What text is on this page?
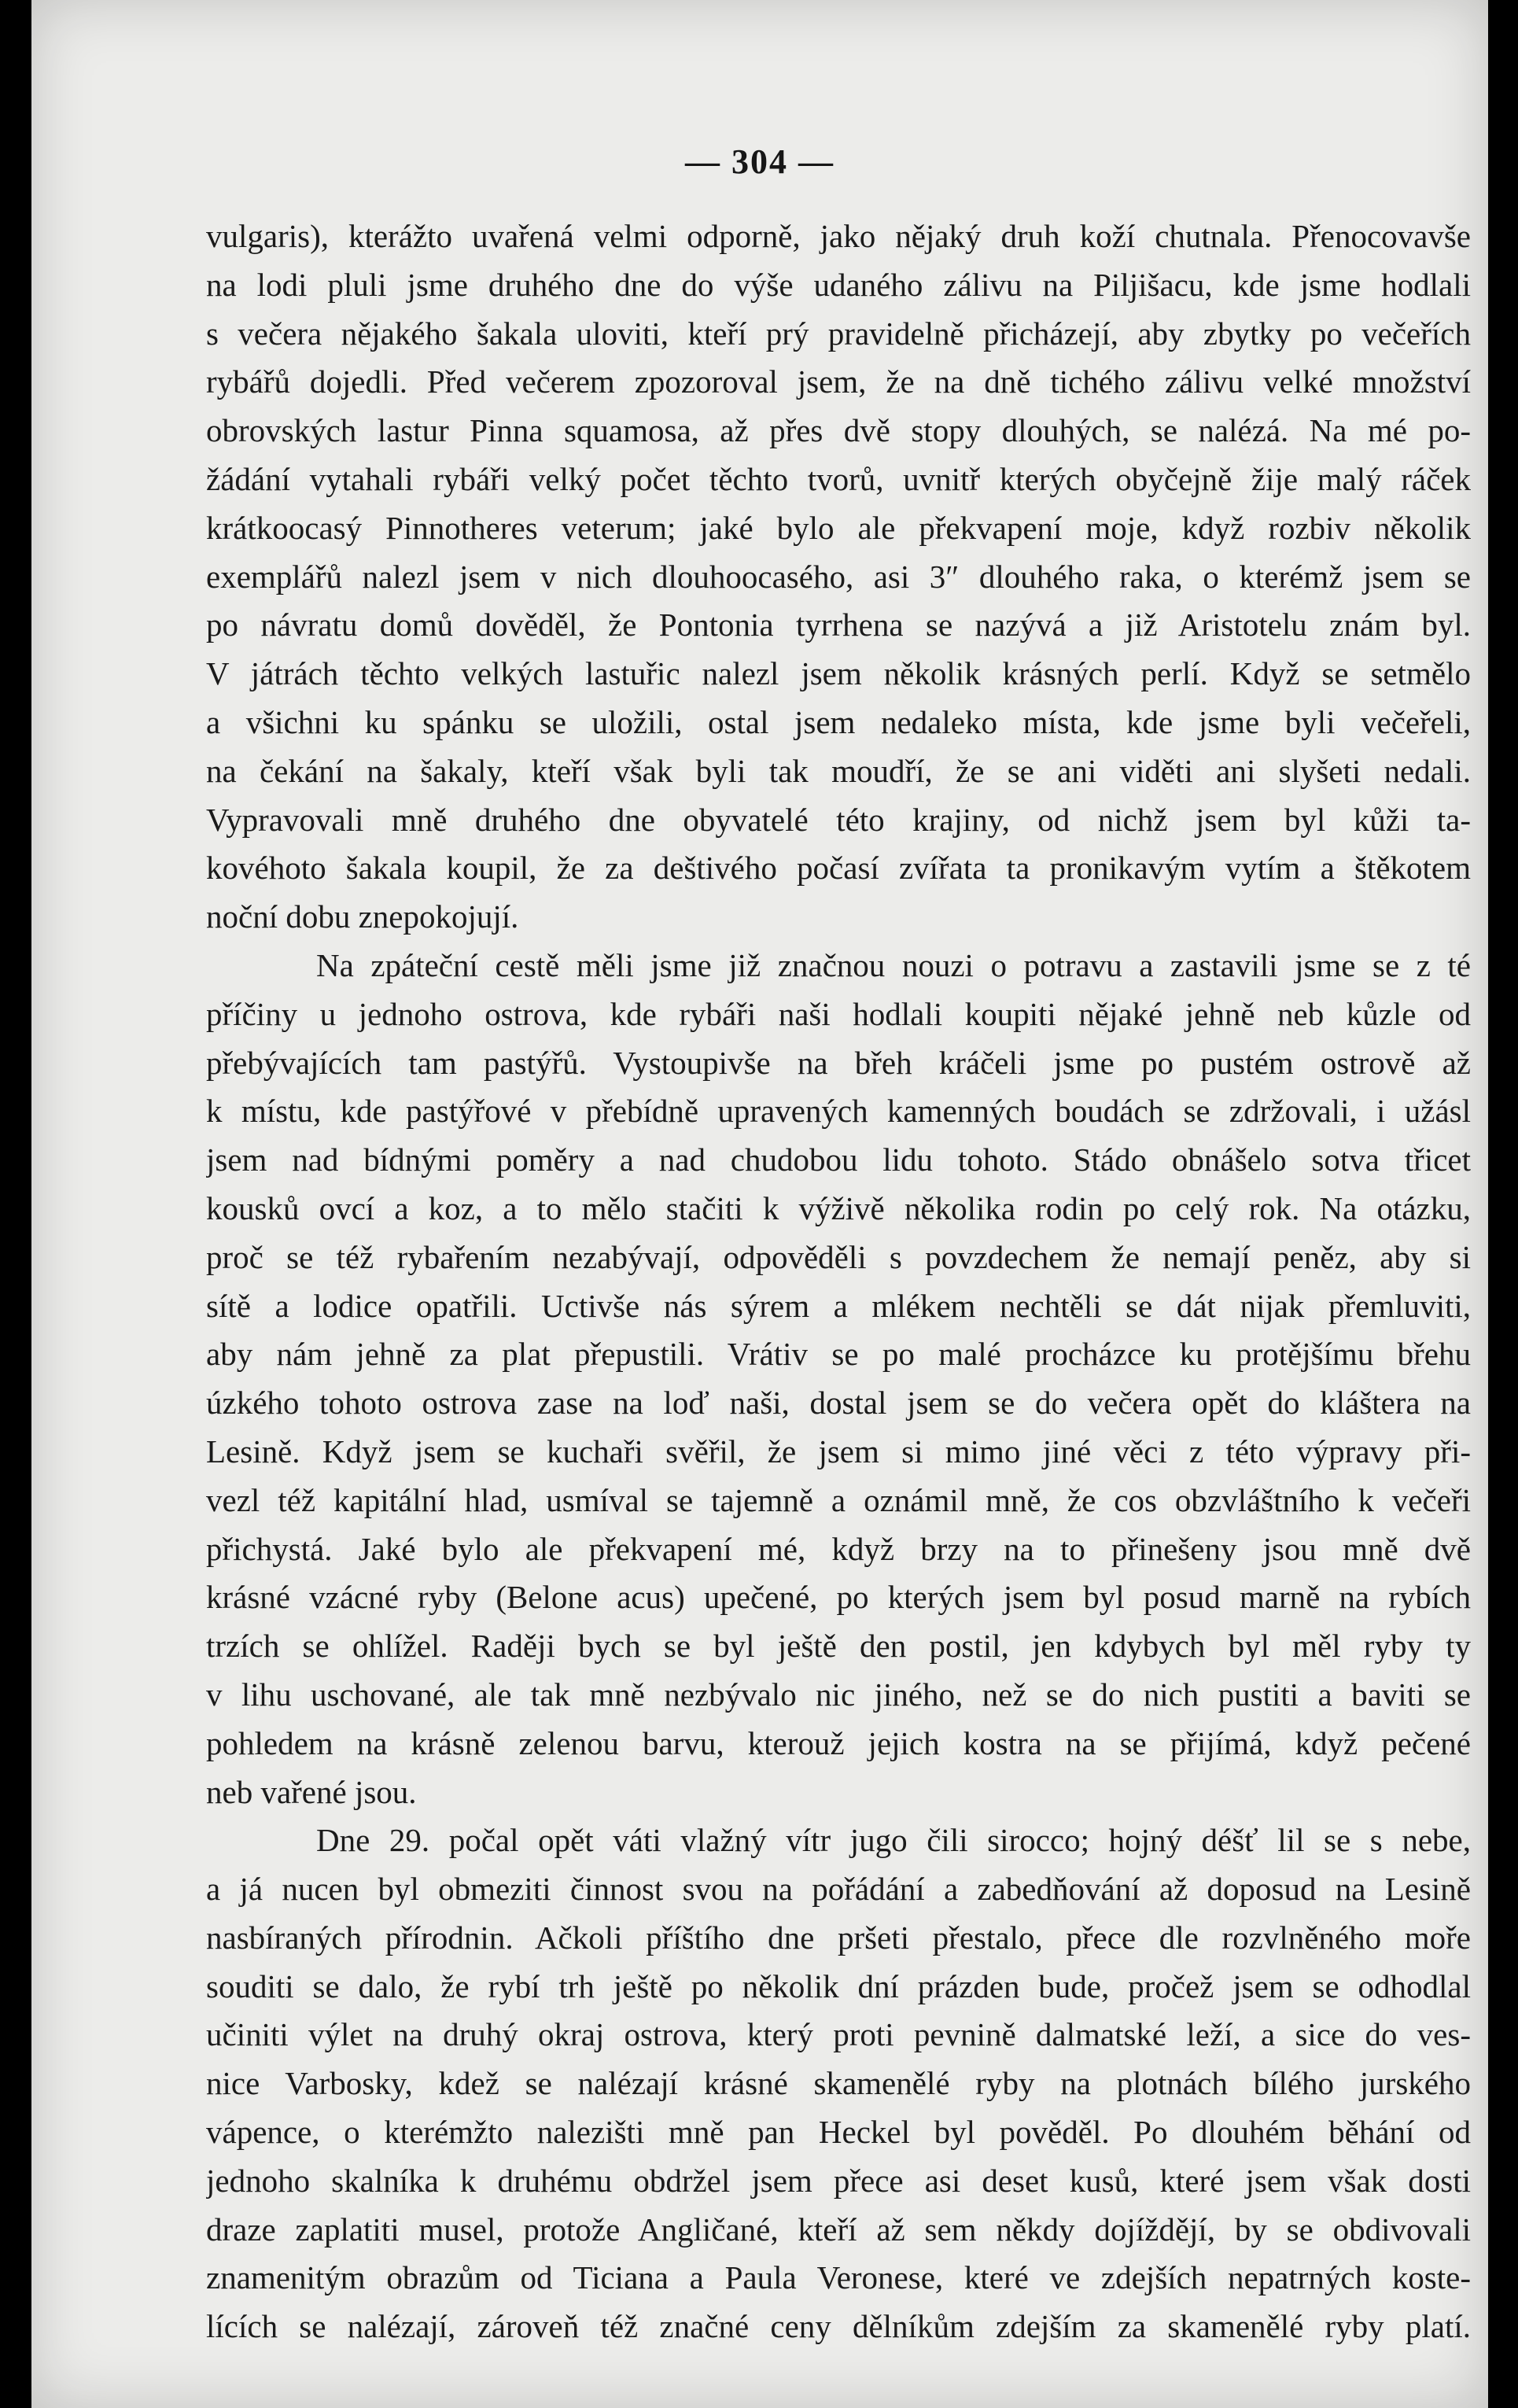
— 304 —

vulgaris), kterážto uvařená velmi odporně, jako nějaký druh koží chutnala. Přenocovavše
na lodi pluli jsme druhého dne do výše udaného zálivu na Piljišacu, kde jsme hodlali
s večera nějakého šakala uloviti, kteří prý pravidelně přicházejí, aby zbytky po večeřích
rybářů dojedli. Před večerem zpozoroval jsem, že na dně tichého zálivu velké množství
obrovských lastur Pinna squamosa, až přes dvě stopy dlouhých, se nalézá. Na mé po-
žádání vytahali rybáři velký počet těchto tvorů, uvnitř kterých obyčejně žije malý ráček
krátkoocasý Pinnotheres veterum; jaké bylo ale překvapení moje, když rozbiv několik
exemplářů nalezl jsem v nich dlouhoocasého, asi 3″ dlouhého raka, o kterémž jsem se
po návratu domů dověděl, že Pontonia tyrrhena se nazývá a již Aristotelu znám byl.
V játrách těchto velkých lastuřic nalezl jsem několik krásných perlí. Když se setmělo
a všichni ku spánku se uložili, ostal jsem nedaleko místa, kde jsme byli večeřeli,
na čekání na šakaly, kteří však byli tak moudří, že se ani viděti ani slyšeti nedali.
Vypravovali mně druhého dne obyvatelé této krajiny, od nichž jsem byl kůži ta-
kovéhoto šakala koupil, že za deštivého počasí zvířata ta pronikavým vytím a štěkotem
noční dobu znepokojují.

Na zpáteční cestě měli jsme již značnou nouzi o potravu a zastavili jsme se z té
příčiny u jednoho ostrova, kde rybáři naši hodlali koupiti nějaké jehně neb kůzle od
přebývajících tam pastýřů. Vystoupivše na břeh kráčeli jsme po pustém ostrově až
k místu, kde pastýřové v přebídně upravených kamenných boudách se zdržovali, i užásl
jsem nad bídnými poměry a nad chudobou lidu tohoto. Stádo obnášelo sotva třicet
kousků ovcí a koz, a to mělo stačiti k výživě několika rodin po celý rok. Na otázku,
proč se též rybařením nezabývají, odpověděli s povzdechem že nemají peněz, aby si
sítě a lodice opatřili. Uctivše nás sýrem a mlékem nechtěli se dát nijak přemluviti,
aby nám jehně za plat přepustili. Vrátiv se po malé procházce ku protějšímu břehu
úzkého tohoto ostrova zase na loď naši, dostal jsem se do večera opět do kláštera na
Lesině. Když jsem se kuchaři svěřil, že jsem si mimo jiné věci z této výpravy při-
vezl též kapitální hlad, usmíval se tajemně a oznámil mně, že cos obzvláštního k večeři
přichystá. Jaké bylo ale překvapení mé, když brzy na to přinešeny jsou mně dvě
krásné vzácné ryby (Belone acus) upečené, po kterých jsem byl posud marně na rybích
trzích se ohlížel. Raději bych se byl ještě den postil, jen kdybych byl měl ryby ty
v lihu uschované, ale tak mně nezbývalo nic jiného, než se do nich pustiti a baviti se
pohledem na krásně zelenou barvu, kterouž jejich kostra na se přijímá, když pečené
neb vařené jsou.

Dne 29. počal opět váti vlažný vítr jugo čili sirocco; hojný déšť lil se s nebe,
a já nucen byl obmeziti činnost svou na pořádání a zabedňování až doposud na Lesině
nasbíraných přírodnin. Ačkoli příštího dne pršeti přestalo, přece dle rozvlněného moře
souditi se dalo, že rybí trh ještě po několik dní prázden bude, pročež jsem se odhodlal
učiniti výlet na druhý okraj ostrova, který proti pevnině dalmatské leží, a sice do ves-
nice Varbosky, kdež se nalézají krásné skamenělé ryby na plotnách bílého jurského
vápence, o kterémžto nalezišti mně pan Heckel byl pověděl. Po dlouhém běhání od
jednoho skalníka k druhému obdržel jsem přece asi deset kusů, které jsem však dosti
draze zaplatiti musel, protože Angličané, kteří až sem někdy dojíždějí, by se obdivovali
znamenitým obrazům od Ticiana a Paula Veronese, které ve zdejších nepatrných koste-
lících se nalézají, zároveň též značné ceny dělníkům zdejším za skamenělé ryby platí.
